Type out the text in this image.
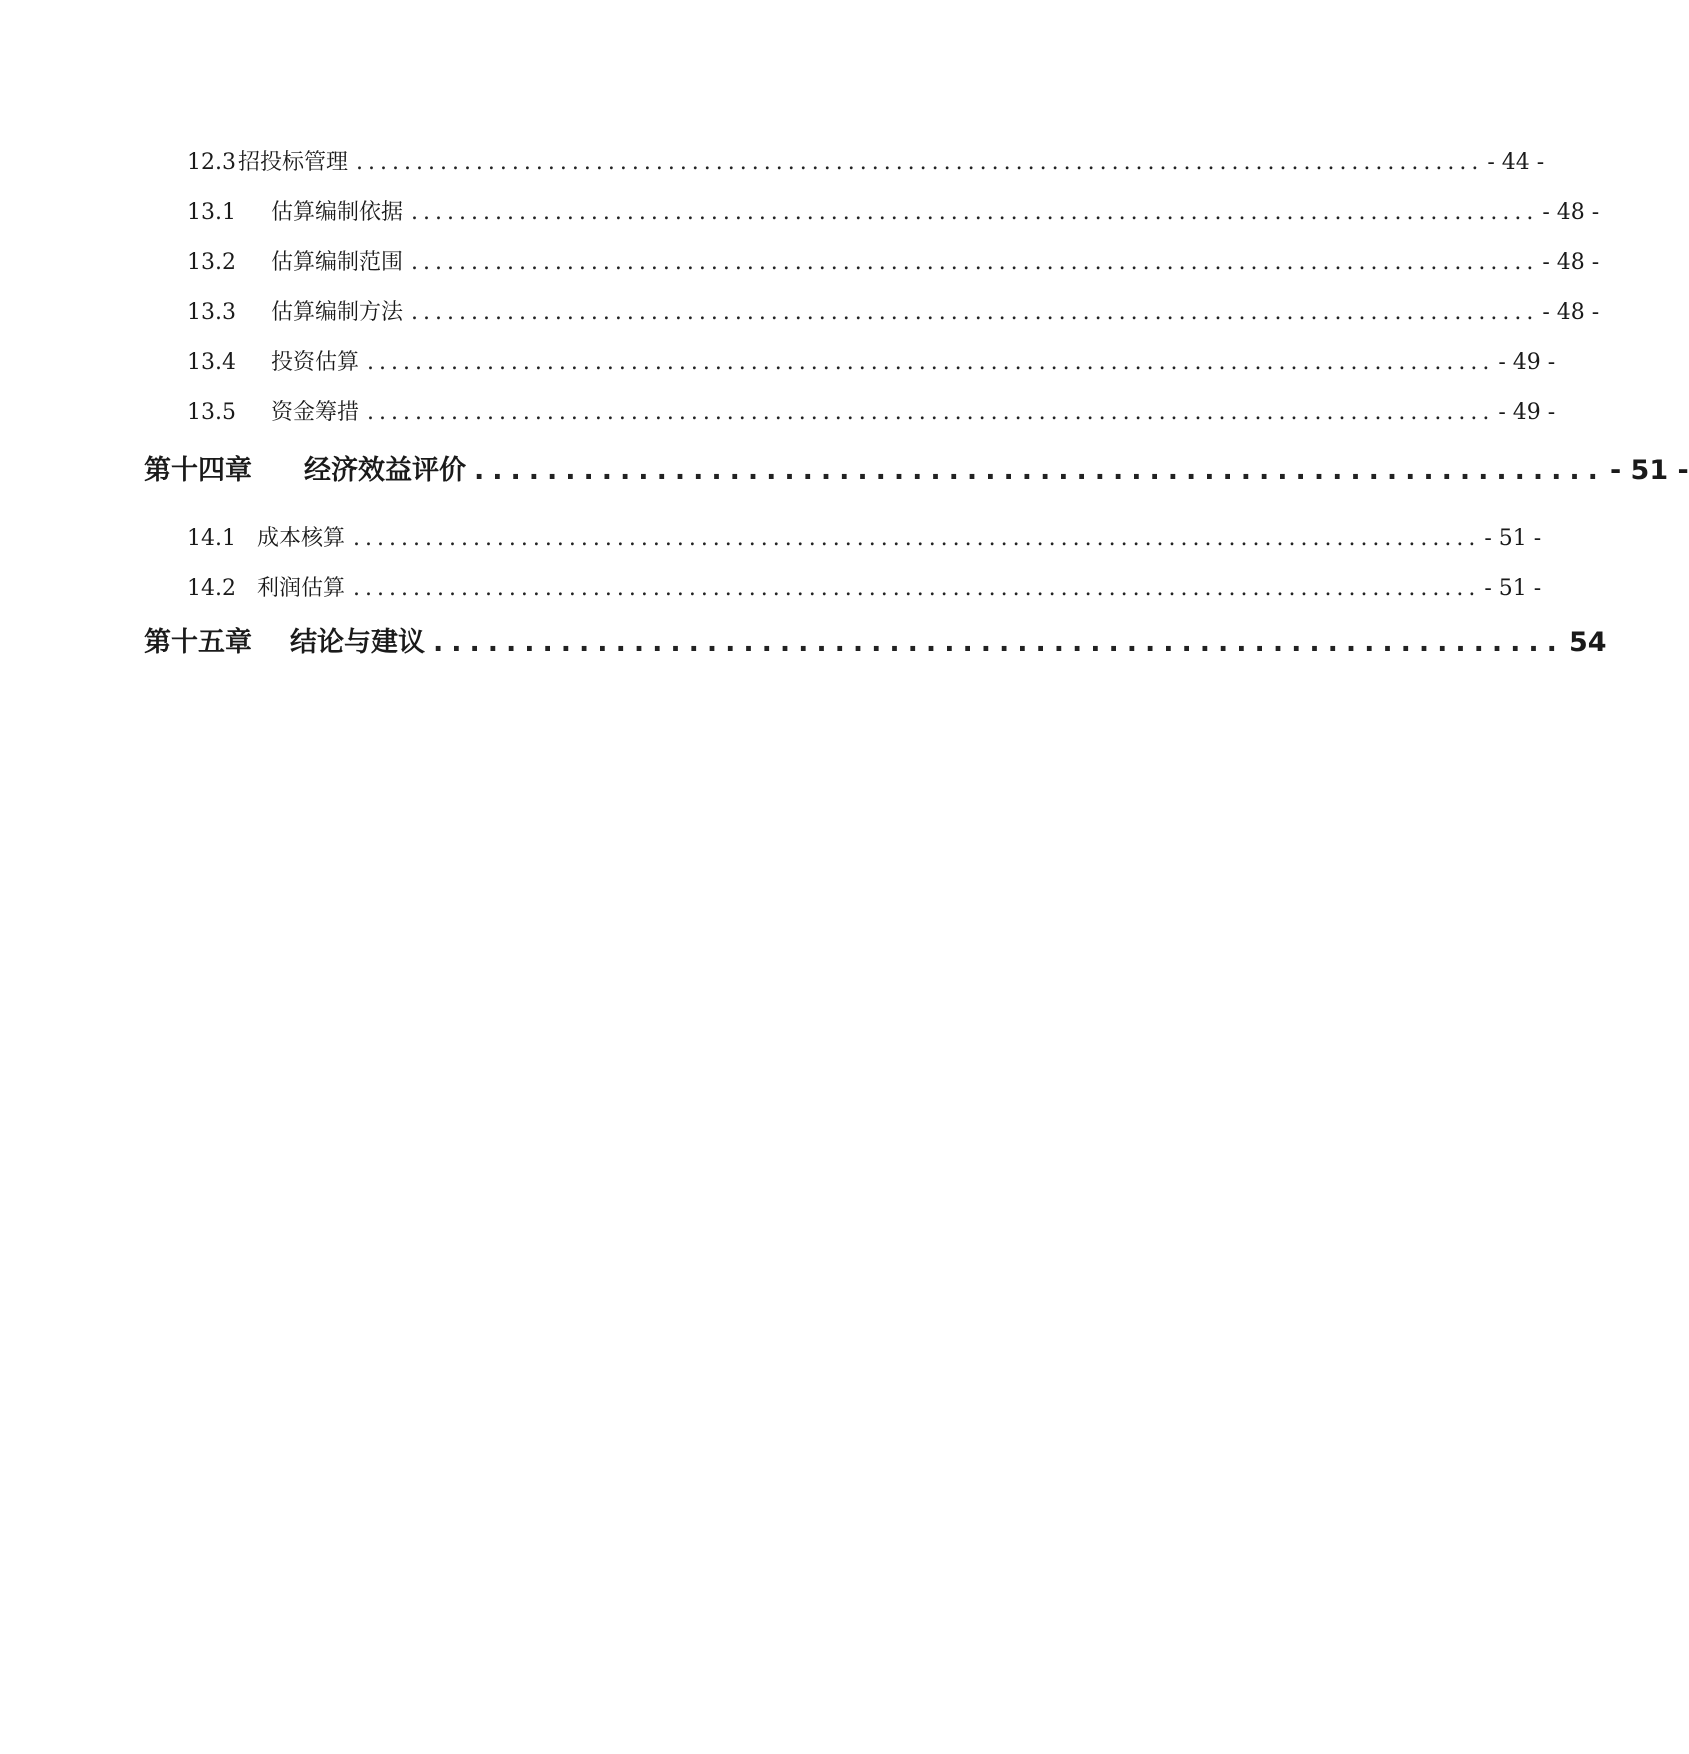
12.3 招投标管理 .............................................................................................. - 44 -
13.1	估算编制依据 .............................................................................................. - 48 -
13.2	估算编制范围 .............................................................................................. - 48 -
13.3	估算编制方法 .............................................................................................. - 48 -
13.4	投资估算 .............................................................................................. - 49 -
13.5	资金筹措 .............................................................................................. - 49 -
第十四章	经济效益评价 .............................................................. - 51 -
14.1 成本核算 .............................................................................................. - 51 -
14.2 利润估算 .............................................................................................. - 51 -
第十五章	结论与建议 .............................................................. 54
